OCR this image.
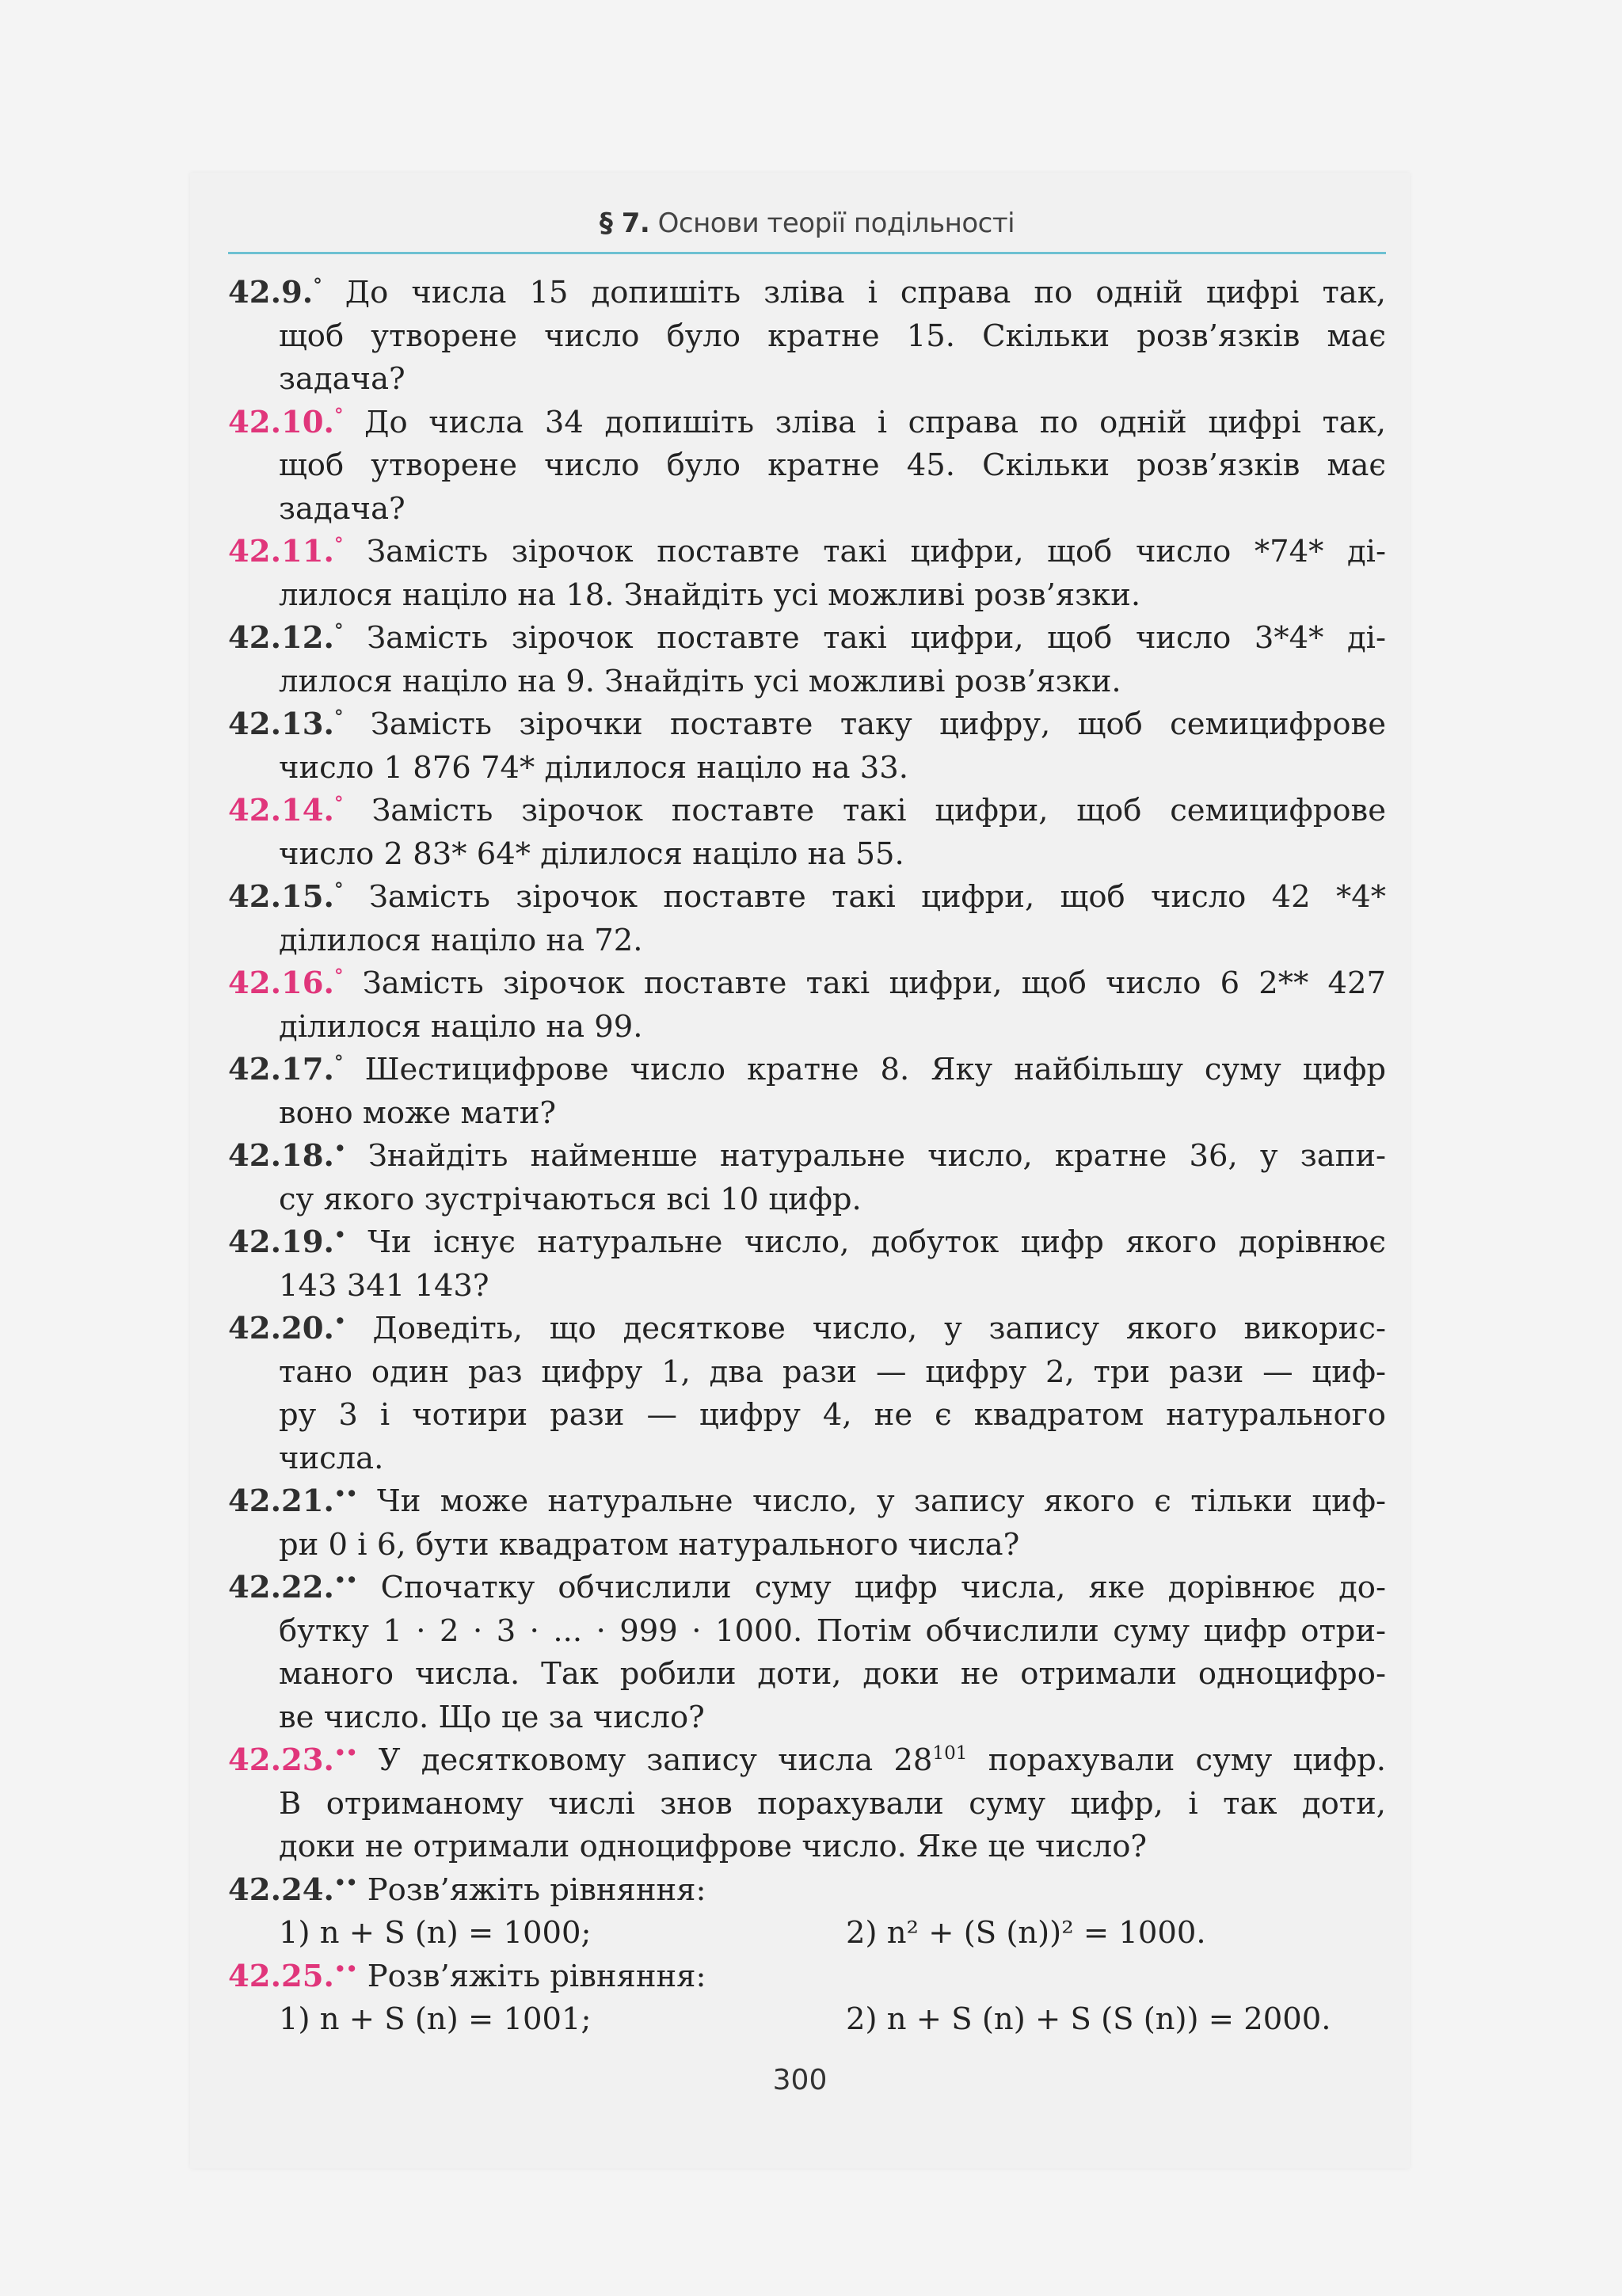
§ 7. Основи теорії подільності
42.9.° До числа 15 допишіть зліва і справа по одній цифрі так,
щоб утворене число було кратне 15. Скільки розв’язків має
задача?
42.10.° До числа 34 допишіть зліва і справа по одній цифрі так,
щоб утворене число було кратне 45. Скільки розв’язків має
задача?
42.11.° Замість зірочок поставте такі цифри, щоб число *74* ді-
лилося націло на 18. Знайдіть усі можливі розв’язки.
42.12.° Замість зірочок поставте такі цифри, щоб число 3*4* ді-
лилося націло на 9. Знайдіть усі можливі розв’язки.
42.13.° Замість зірочки поставте таку цифру, щоб семицифрове
число 1 876 74* ділилося націло на 33.
42.14.° Замість зірочок поставте такі цифри, щоб семицифрове
число 2 83* 64* ділилося націло на 55.
42.15.° Замість зірочок поставте такі цифри, щоб число 42 *4*
ділилося націло на 72.
42.16.° Замість зірочок поставте такі цифри, щоб число 6 2** 427
ділилося націло на 99.
42.17.° Шестицифрове число кратне 8. Яку найбільшу суму цифр
воно може мати?
42.18.• Знайдіть найменше натуральне число, кратне 36, у запи-
су якого зустрічаються всі 10 цифр.
42.19.• Чи існує натуральне число, добуток цифр якого дорівнює
143 341 143?
42.20.• Доведіть, що десяткове число, у запису якого викорис-
тано один раз цифру 1, два рази — цифру 2, три рази — циф-
ру 3 і чотири рази — цифру 4, не є квадратом натурального
числа.
42.21.•• Чи може натуральне число, у запису якого є тільки циф-
ри 0 і 6, бути квадратом натурального числа?
42.22.•• Спочатку обчислили суму цифр числа, яке дорівнює до-
бутку 1 · 2 · 3 · ... · 999 · 1000. Потім обчислили суму цифр отри-
маного числа. Так робили доти, доки не отримали одноцифро-
ве число. Що це за число?
42.23.•• У десятковому запису числа $28^{101}$ порахували суму цифр.
В отриманому числі знов порахували суму цифр, і так доти,
доки не отримали одноцифрове число. Яке це число?
42.24.•• Розв’яжіть рівняння:
1) n + S (n) = 1000;	2) n² + (S (n))² = 1000.
42.25.•• Розв’яжіть рівняння:
1) n + S (n) = 1001;	2) n + S (n) + S (S (n)) = 2000.
300
